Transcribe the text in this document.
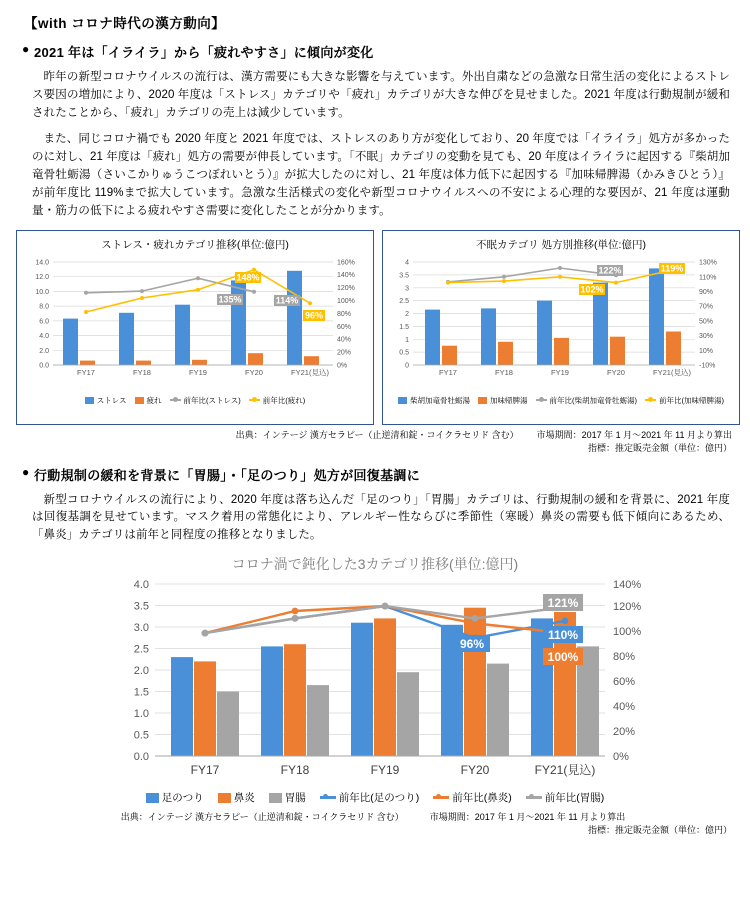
【with コロナ時代の漢方動向】
● 2021 年は「イライラ」から「疲れやすさ」に傾向が変化

昨年の新型コロナウイルスの流行は、漢方需要にも大きな影響を与えています。外出自粛などの急激な日常生活の変化によるストレス要因の増加により、2020 年度は「ストレス」カテゴリや「疲れ」カテゴリが大きな伸びを見せました。2021 年度は行動規制が緩和されたことから、「疲れ」カテゴリの売上は減少しています。

また、同じコロナ禍でも 2020 年度と 2021 年度では、ストレスのあり方が変化しており、20 年度では「イライラ」処方が多かったのに対し、21 年度は「疲れ」処方の需要が伸長しています。「不眠」カテゴリの変動を見ても、20 年度はイライラに起因する『柴胡加竜骨牡蛎湯（さいこかりゅうこつぼれいとう）』が拡大したのに対し、21 年度は体力低下に起因する『加味帰脾湯（かみきひとう）』が前年度比 119%まで拡大しています。急激な生活様式の変化や新型コロナウイルスへの不安による心理的な要因が、21 年度は運動量・筋力の低下による疲れやすさ需要に変化したことが分かります。

ストレス・疲れカテゴリ推移(単位:億円)
0.0
2.0
4.0
6.0
8.0
10.0
12.0
14.0
0%
20%
40%
60%
80%
100%
120%
140%
160%
148%
135%	114%
96%
FY17	FY18	FY19	FY20	FY21(見込)
ストレス	疲れ	前年比(ストレス)	前年比(疲れ)
不眠カテゴリ 処方別推移(単位:億円)
0
0.5
1
1.5
2
2.5
3
3.5
4
-10%
10%
30%
50%
70%
90%
110%
130%
122%
102%
119%
FY17	FY18	FY19	FY20	FY21(見込)
柴胡加竜骨牡蛎湯	加味帰脾湯	前年比(柴胡加竜骨牡蛎湯)	前年比(加味帰脾湯)
出典：インテージ 漢方セラピー（止逆清和錠・コイクラセリド 含む） 市場期間：2017 年 1 月～2021 年 11 月より算出
指標：推定販売金額（単位：億円）
● 行動規制の緩和を背景に「胃腸」・「足のつり」処方が回復基調に

新型コロナウイルスの流行により、2020 年度は落ち込んだ「足のつり」「胃腸」カテゴリは、行動規制の緩和を背景に、2021 年度は回復基調を見せています。マスク着用の常態化により、アレルギー性ならびに季節性（寒暖）鼻炎の需要も低下傾向にあるため、「鼻炎」カテゴリは前年と同程度の推移となりました。

コロナ渦で鈍化した3カテゴリ推移(単位:億円)
0.0
0.5
1.0
1.5
2.0
2.5
3.0
3.5
4.0
0%
20%
40%
60%
80%
100%
120%
140%
121%
110%
96%
100%
FY17	FY18	FY19	FY20	FY21(見込)
足のつり	鼻炎	胃腸	前年比(足のつり)	前年比(鼻炎)	前年比(胃腸)
出典：インテージ 漢方セラピー（止逆清和錠・コイクラセリド 含む）	市場期間：2017 年 1 月～2021 年 11 月より算出
指標：推定販売金額（単位：億円）
